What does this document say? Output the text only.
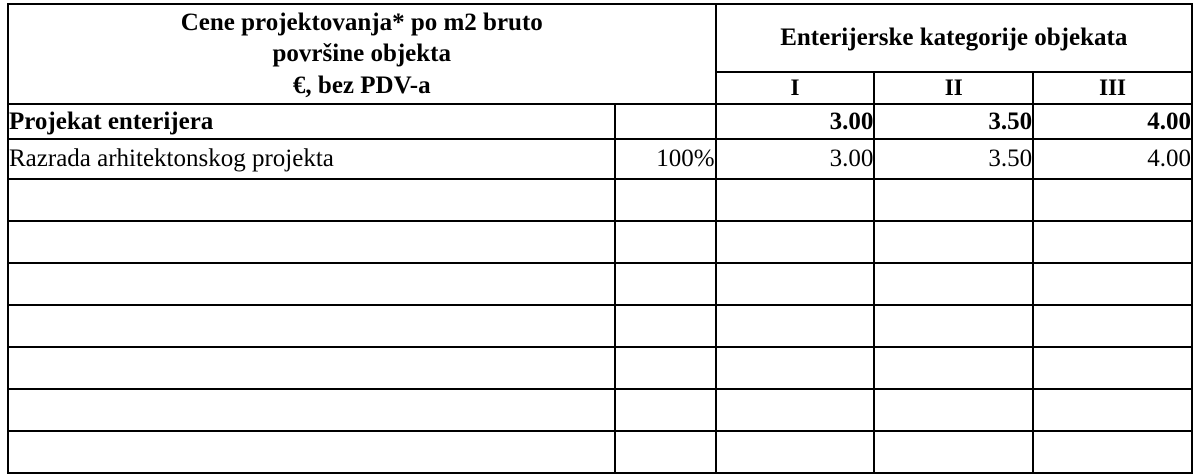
Cene projektovanja* po m2 bruto
površine objekta
€, bez PDV-a		Enterijerske kategorije objekata		
		I	II	III
Projekat enterijera		3.00	3.50	4.00
Razrada arhitektonskog projekta	100%	3.00	3.50	4.00
